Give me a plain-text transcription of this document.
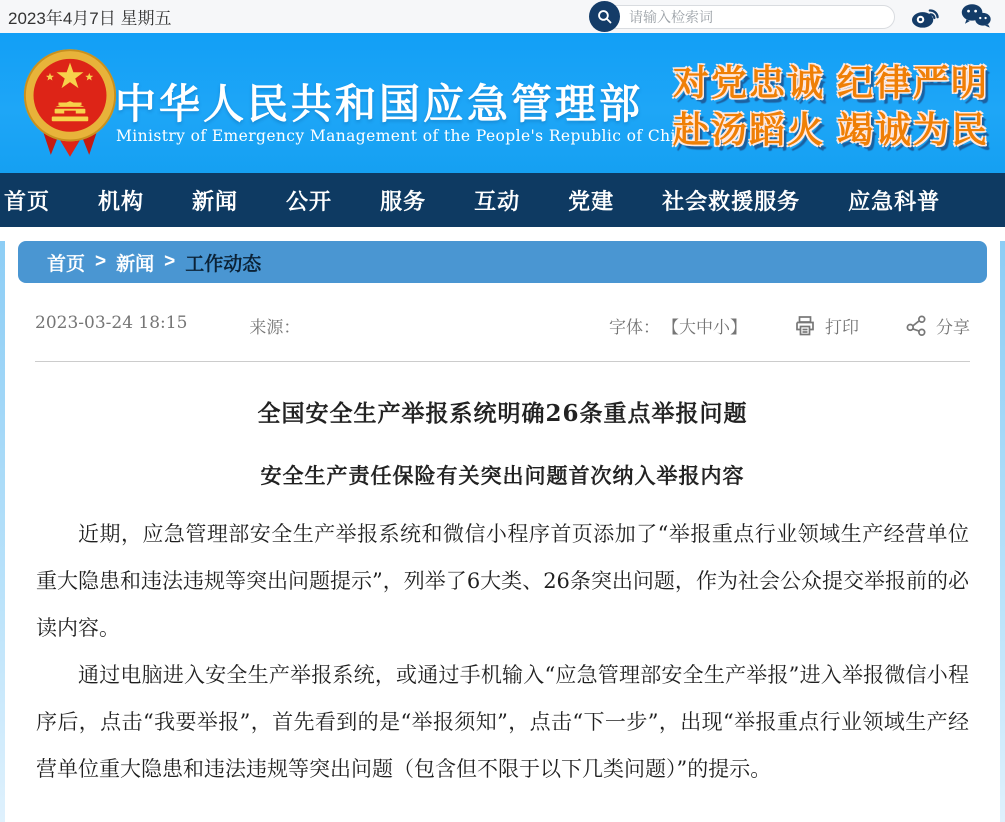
2023年4月7日 星期五
请输入检索词
中华人民共和国应急管理部
Ministry of Emergency Management of the People's Republic of China
对党忠诚 纪律严明
赴汤蹈火 竭诚为民
首页 机构 新闻 公开 服务 互动 党建 社会救援服务 应急科普
首页 > 新闻 > 工作动态
2023-03-24 18:15	来源：	字体： 【大中小】	打印	分享
全国安全生产举报系统明确26条重点举报问题
安全生产责任保险有关突出问题首次纳入举报内容

近期，应急管理部安全生产举报系统和微信小程序首页添加了“举报重点行业领域生产经营单位重大隐患和违法违规等突出问题提示”，列举了6大类、26条突出问题，作为社会公众提交举报前的必读内容。

通过电脑进入安全生产举报系统，或通过手机输入“应急管理部安全生产举报”进入举报微信小程序后，点击“我要举报”，首先看到的是“举报须知”，点击“下一步”，出现“举报重点行业领域生产经营单位重大隐患和违法违规等突出问题（包含但不限于以下几类问题）”的提示。
